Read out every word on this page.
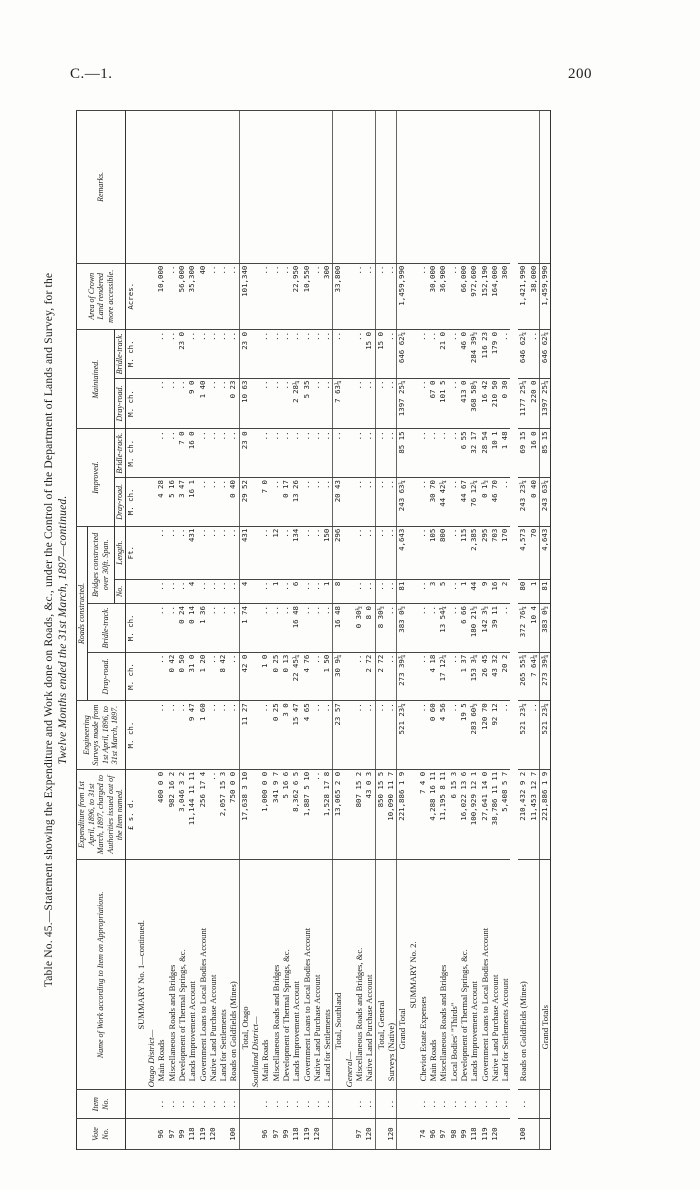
C.—1.	200
Table No. 45.—Statement showing the Expenditure and Work done on Roads, &c., under the Control of the Department of Lands and Survey, for the Twelve Months ended the 31st March, 1897—continued.
Vote No.	Item No.	Name of Work according to Item on Appropriations.	Expenditure from 1st April, 1896, to 31st March, 1897, charged to Authorities issued out of the Item named.	Engineering Surveys made from 1st April, 1896, to 31st March, 1897.	Roads constructed.				Improved.		Maintained.		Area of Crown Land rendered more accessible.	Remarks.
					Dray-road.	Bridle-track.	Bridges constructed over 30ft. Span.							
							No.	Length.	Dray-road.	Bridle-track.	Dray-road.	Bridle-track.		
			£ s. d.	M. ch.	M. ch.	M. ch.		Ft.	M. ch.	M. ch.	M. ch.	M. ch.	Acres.	
		SUMMARY No. 1—continued.												
		Otago District—												
96	..	Main Roads	400 0 0	..	..	..	..	..	4 28	..	..	..	10,000	
97	..	Miscellaneous Roads and Bridges	982 16 2	..	0 42	..	..	..	5 16	..	..	..	..	
99	..	Development of Thermal Springs, &c.	3,046 3 2	..	0 50	0 24	..	..	3 47	7 0	..	23 0	56,000	
118	..	Lands Improvement Account	11,144 11 11	9 47	31 0	0 14	4	431	16 1	16 0	9 0	..	35,300	
119	..	Government Loans to Local Bodies Account	256 17 4	1 60	1 20	1 36	..	..	..	..	1 40	..	40	
120	..	Native Land Purchase Account	..	..	..	..	..	..	..	..	..	..	..	
	..	Land for Settlements	2,057 15 3	..	8 42	..	..	..	..	..	..	..	..	
100	..	Roads on Goldfields (Mines)	750 0 0	..	..	..	..	..	0 40	..	0 23	..	..	
		Total, Otago	17,638 3 10	11 27	42 0	1 74	4	431	29 52	23 0	10 63	23 0	101,340	
		Southland District—												
96	..	Main Roads	1,000 0 0	..	1 0	..	..	..	7 0	..	..	..	..	
97	..	Miscellaneous Roads and Bridges	341 9 7	0 25	0 25	..	1	12	..	..	..	..	..	
99	..	Development of Thermal Springs, &c.	5 16 6	3 0	0 13	..	..	..	0 17	..	..	..	..	
118	..	Lands Improvement Account	8,362 6 5	15 47	22 45¼	16 48	6	134	13 26	..	2 28¼	..	22,950	
119	..	Government Loans to Local Bodies Account	1,887 5 10	4 65	4 76	..	..	..	..	..	5 35	..	10,550	
120	..	Native Land Purchase Account	..	..	..	..	..	..	..	..	..	..	..	
	..	Land for Settlements	1,528 17 8	..	1 50	..	1	150	..	..	..	..	300	
		Total, Southland	13,065 2 0	23 57	30 9¼	16 48	8	296	20 43	..	7 63¼	..	33,800	
		General—												
97	..	Miscellaneous Roads and Bridges, &c.	807 15 2	..	..	0 30½	..	..	..	..	..	..	..	
120	..	Native Land Purchase Account	43 0 3	..	2 72	8 0	..	..	..	..	..	15 0	..	
		Total, General	850 15 5	..	2 72	8 30½	..	..	..	..	..	15 0	..	
120	..	Surveys (Native)	10,090 11 7	..	..	..	..	..	..	..	..	..	..	
		Grand Total	221,886 1 9	521 23¼	273 39¾	383 0½	81	4,643	243 63¼	85 15	1397 25¼	646 62¼	1,459,990	
		SUMMARY No. 2.												
74	..	Cheviot Estate Expenses	7 4 0	..	..	..	..	..	..	..	..	..	..	
96	..	Main Roads	4,288 16 11	0 60	4 18	..	3	105	30 70	..	67 0	..	30,000	
97	..	Miscellaneous Roads and Bridges	11,195 8 11	4 56	17 12¼	13 54¾	5	800	44 42¼	..	101 5	21 0	36,900	
98	..	Local Bodies' "Thirds"	6 15 3	..	..	..	..	..	..	..	..	..	..	
99	..	Development of Thermal Springs, &c.	16,022 13 6	19 5	1 37	6 66	1	115	44 67	6 55	413 0	46 0	66,000	
118	..	Lands Improvement Account	100,929 12 1	283 60½	153 3¼	180 21½	44	2,385	76 12¼	32 17	368 58½	284 39½	972,600	
119	..	Government Loans to Local Bodies Account	27,641 14 0	120 70	26 45	142 3½	9	295	0 1½	28 54	16 42	116 23	152,190	
120	..	Native Land Purchase Account	38,786 11 11	92 12	43 32	39 11	16	703	46 70	10 1	210 50	179 0	164,000	
	..	Land for Settlements Account	5,408 5 7	..	20 2	..	2	170	..	1 48	0 30	..	300	

100	..	Roads on Goldfields (Mines)	210,432 9 2	521 23¼	265 55¾	372 76¼	80	4,573	243 23¼	69 15	1177 25¼	646 62¼	1,421,990	
			11,453 12 7	..	7 64¼	10 4	1	70	0 40	16 0	220 0	..	38,000	
		Grand Totals	221,886 1 9	521 23¼	273 39¾	383 0½	81	4,643	243 63¼	85 15	1397 25¼	646 62¼	1,459,990	
